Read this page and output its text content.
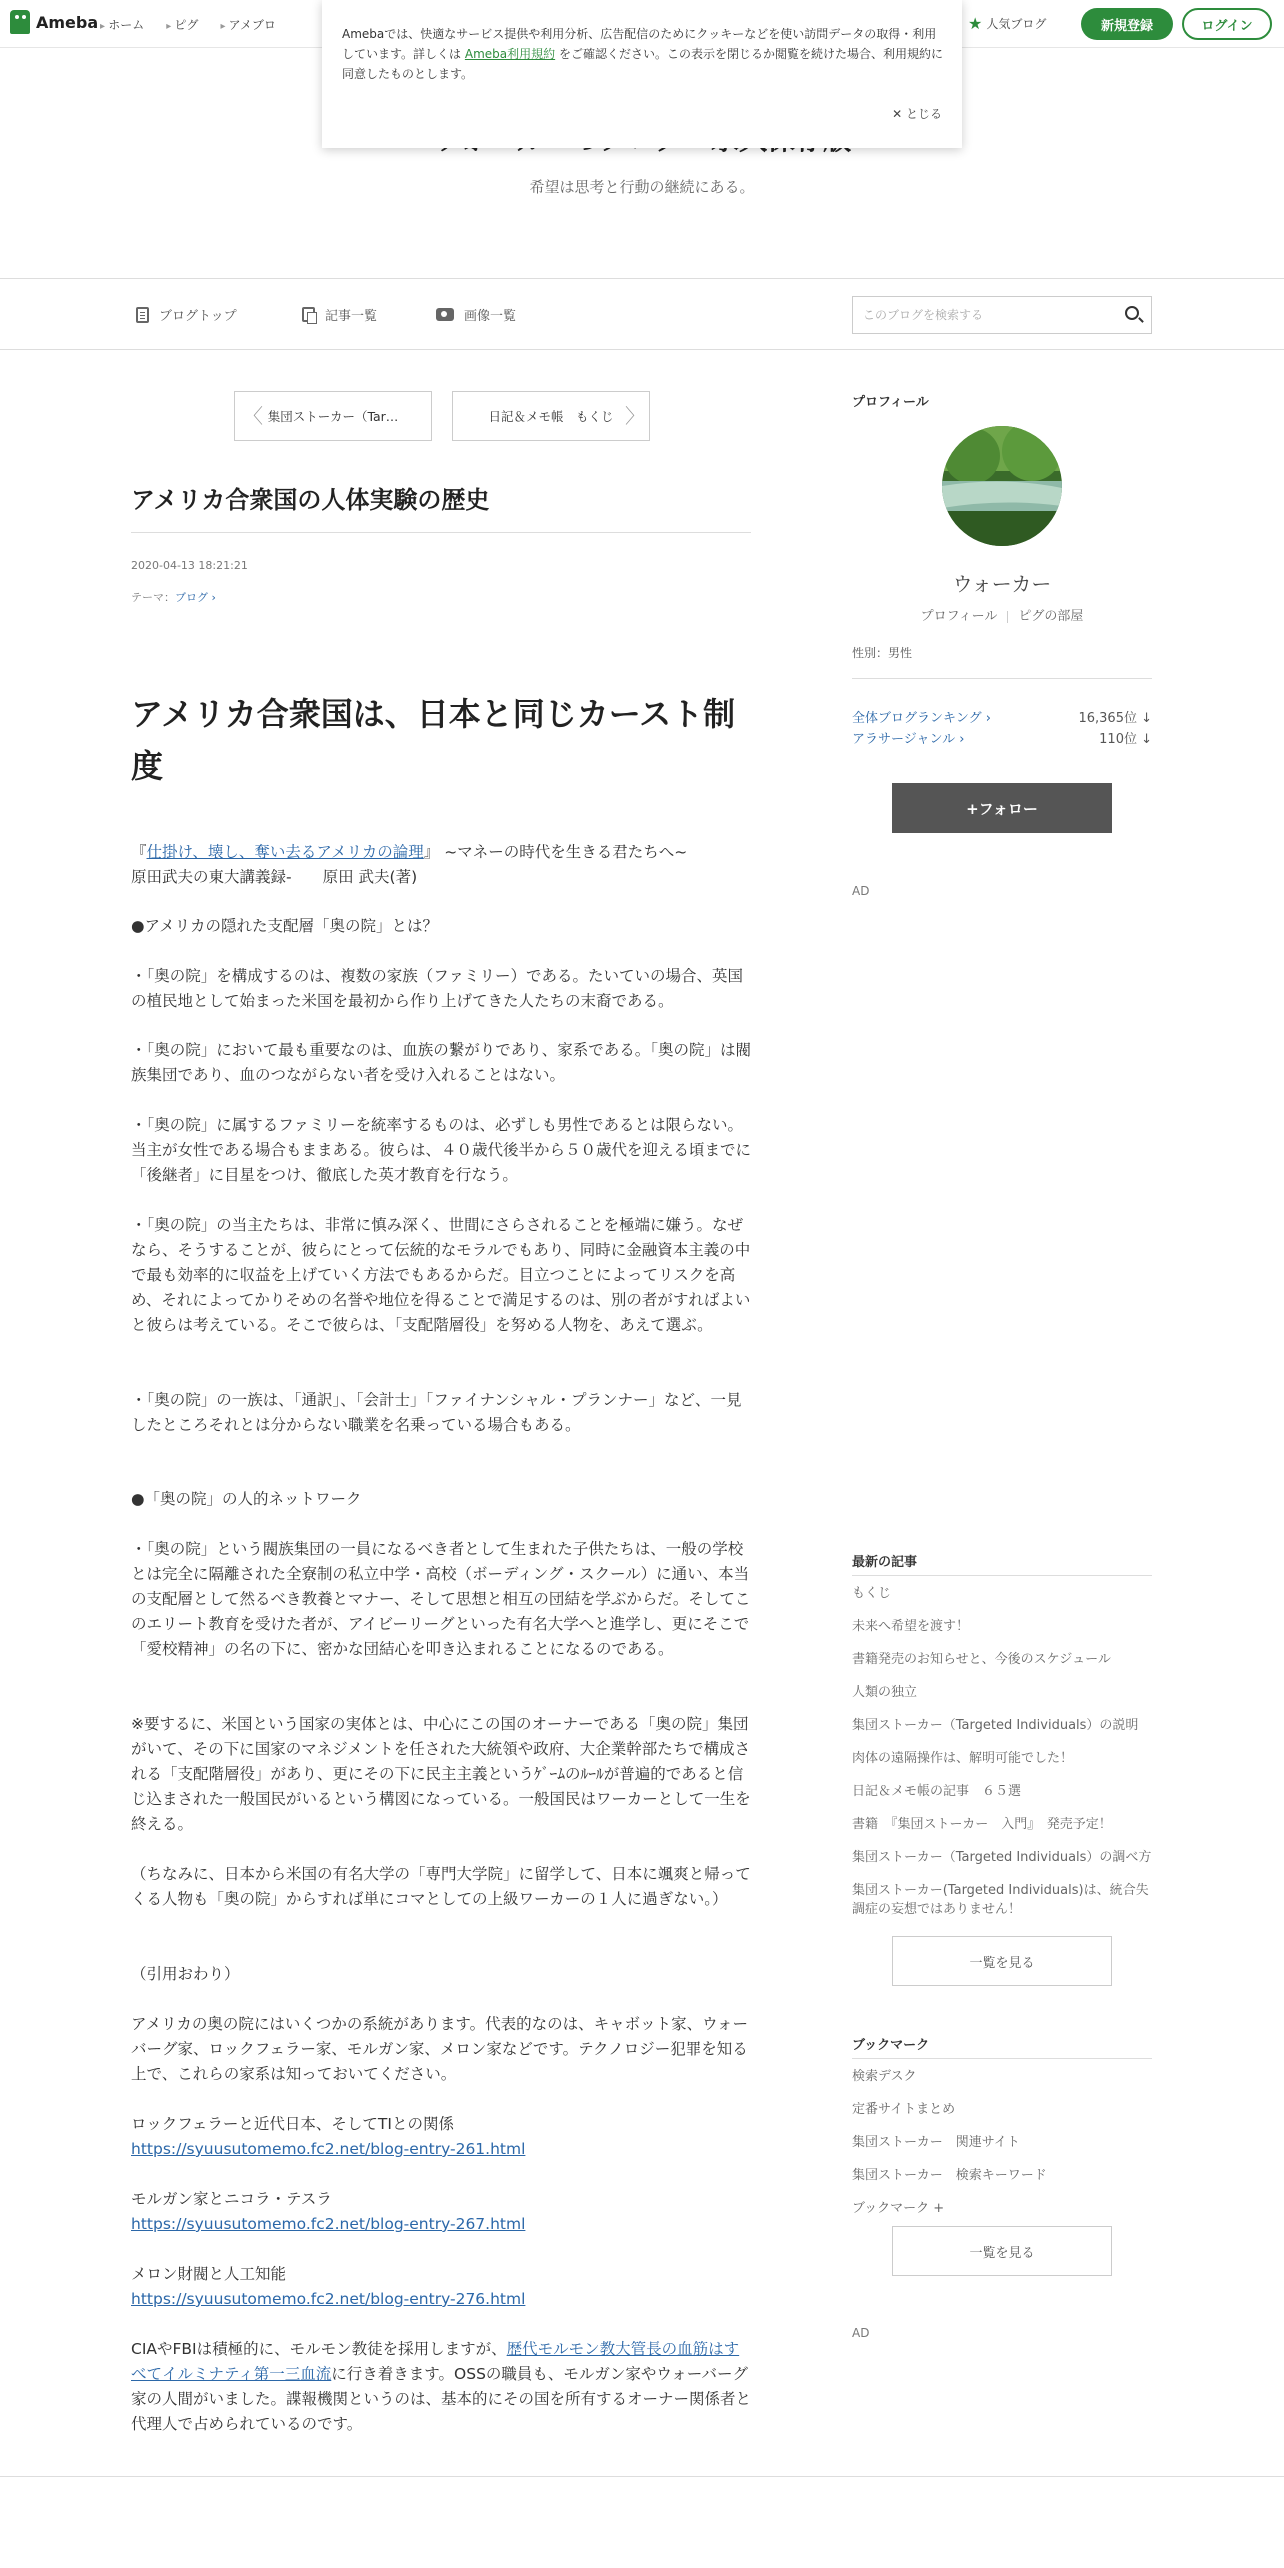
Ameba ▸ ホーム	▸ ピグ	▸ アメブロ	★ 人気ブログ	新規登録	ログイン
Amebaでは、快適なサービス提供や利用分析、広告配信のためにクッキーなどを使い訪問データの取得・利用しています。詳しくは Ameba利用規約 をご確認ください。この表示を閉じるか閲覧を続けた場合、利用規約に同意したものとします。
✕ とじる
希望は思考と行動の継続にある。
ブログトップ	記事一覧	画像一覧
このブログを検索する
〈 集団ストーカー（Tar…	日記＆メモ帳　もくじ 〉
アメリカ合衆国の人体実験の歴史
2020-04-13 18:21:21
テーマ：ブログ ›
アメリカ合衆国は、日本と同じカースト制度
『仕掛け、壊し、奪い去るアメリカの論理』 ~マネーの時代を生きる君たちへ~
原田武夫の東大講義録-　　原田 武夫(著)
●アメリカの隠れた支配層「奥の院」とは？
・「奥の院」を構成するのは、複数の家族（ファミリー）である。たいていの場合、英国の植民地として始まった米国を最初から作り上げてきた人たちの末裔である。
・「奥の院」において最も重要なのは、血族の繋がりであり、家系である。「奥の院」は閥族集団であり、血のつながらない者を受け入れることはない。
・「奥の院」に属するファミリーを統率するものは、必ずしも男性であるとは限らない。当主が女性である場合もままある。彼らは、４０歳代後半から５０歳代を迎える頃までに「後継者」に目星をつけ、徹底した英才教育を行なう。
・「奥の院」の当主たちは、非常に慎み深く、世間にさらされることを極端に嫌う。なぜなら、そうすることが、彼らにとって伝統的なモラルでもあり、同時に金融資本主義の中で最も効率的に収益を上げていく方法でもあるからだ。目立つことによってリスクを高め、それによってかりそめの名誉や地位を得ることで満足するのは、別の者がすればよいと彼らは考えている。そこで彼らは、「支配階層役」を努める人物を、あえて選ぶ。
・「奥の院」の一族は、「通訳」、「会計士」「ファイナンシャル・プランナー」など、一見したところそれとは分からない職業を名乗っている場合もある。
●「奥の院」の人的ネットワーク
・「奥の院」という閥族集団の一員になるべき者として生まれた子供たちは、一般の学校とは完全に隔離された全寮制の私立中学・高校（ボーディング・スクール）に通い、本当の支配層として然るべき教養とマナー、そして思想と相互の団結を学ぶからだ。そしてこのエリート教育を受けた者が、アイビーリーグといった有名大学へと進学し、更にそこで「愛校精神」の名の下に、密かな団結心を叩き込まれることになるのである。
※要するに、米国という国家の実体とは、中心にこの国のオーナーである「奥の院」集団がいて、その下に国家のマネジメントを任された大統領や政府、大企業幹部たちで構成される「支配階層役」があり、更にその下に民主主義というｹﾞｰﾑのﾙｰﾙが普遍的であると信じ込まされた一般国民がいるという構図になっている。一般国民はワーカーとして一生を終える。
（ちなみに、日本から米国の有名大学の「専門大学院」に留学して、日本に颯爽と帰ってくる人物も「奥の院」からすれば単にコマとしての上級ワーカーの１人に過ぎない。）
（引用おわり）
アメリカの奥の院にはいくつかの系統があります。代表的なのは、キャボット家、ウォーバーグ家、ロックフェラー家、モルガン家、メロン家などです。テクノロジー犯罪を知る上で、これらの家系は知っておいてください。
ロックフェラーと近代日本、そしてTIとの関係
https://syuusutomemo.fc2.net/blog-entry-261.html
モルガン家とニコラ・テスラ
https://syuusutomemo.fc2.net/blog-entry-267.html
メロン財閥と人工知能
https://syuusutomemo.fc2.net/blog-entry-276.html
CIAやFBIは積極的に、モルモン教徒を採用しますが、歴代モルモン教大管長の血筋はすべてイルミナティ第一三血流に行き着きます。OSSの職員も、モルガン家やウォーバーグ家の人間がいました。諜報機関というのは、基本的にその国を所有するオーナー関係者と代理人で占められているのです。
プロフィール
ウォーカー
プロフィール ピグの部屋
性別：男性
全体ブログランキング ›	16,365位 ↓
アラサージャンル ›	110位 ↓
+フォロー
AD
最新の記事
もくじ
未来へ希望を渡す！
書籍発売のお知らせと、今後のスケジュール
人類の独立
集団ストーカー（Targeted Individuals）の説明
肉体の遠隔操作は、解明可能でした！
日記＆メモ帳の記事　６５選
書籍　『集団ストーカー　入門』　発売予定！
集団ストーカー（Targeted Individuals）の調べ方
集団ストーカー(Targeted Individuals)は、統合失調症の妄想ではありません！
一覧を見る
ブックマーク
検索デスク
定番サイトまとめ
集団ストーカー　関連サイト
集団ストーカー　検索キーワード
ブックマーク +
一覧を見る
AD
